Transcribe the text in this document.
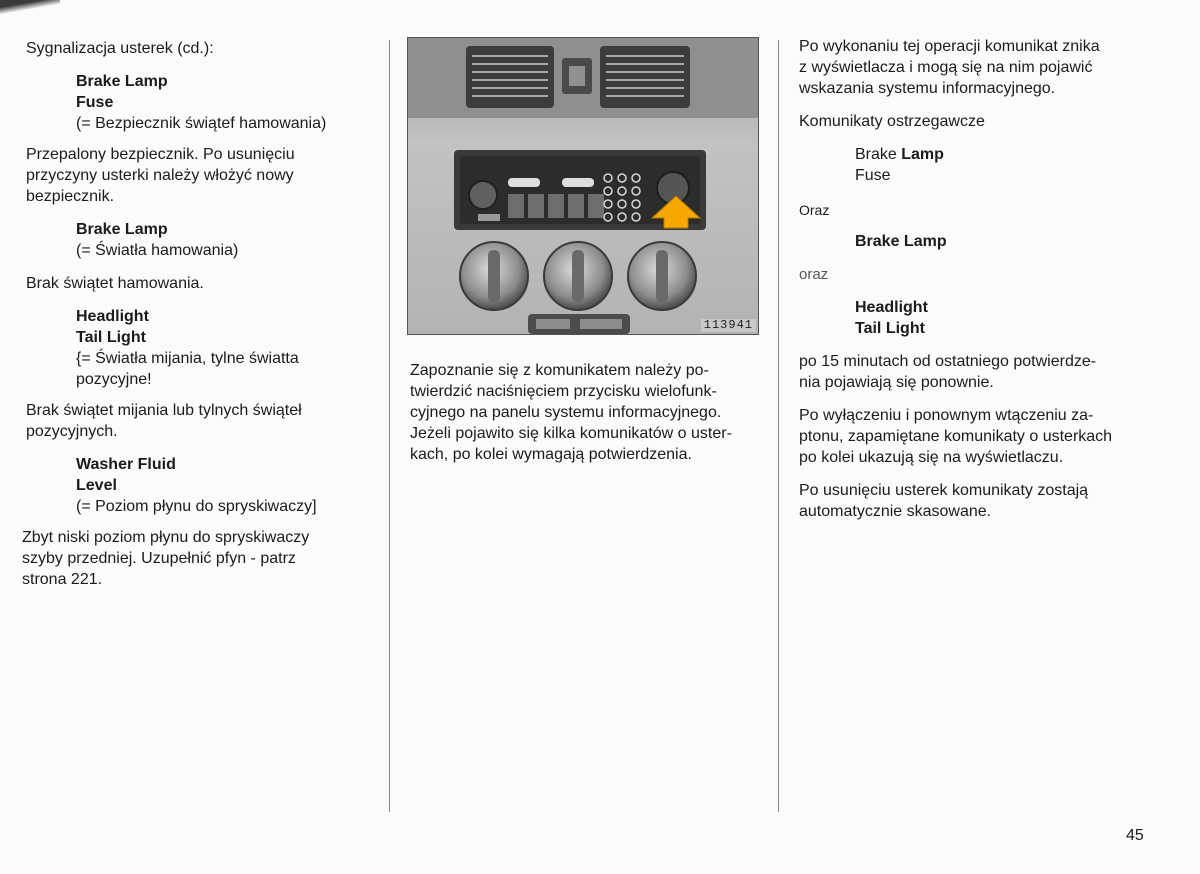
Sygnalizacja usterek (cd.):

Brake Lamp

Fuse

(= Bezpiecznik świątef hamowania)

Przepalony bezpiecznik. Po usunięciu

przyczyny usterki należy włożyć nowy

bezpiecznik.

Brake Lamp

(= Światła hamowania)

Brak świątet hamowania.

Headlight

Tail Light

{= Światła mijania, tylne światta

pozycyjne!

Brak świątet mijania lub tylnych świąteł

pozycyjnych.

Washer Fluid

Level

(= Poziom płynu do spryskiwaczy]

Zbyt niski poziom płynu do spryskiwaczy

szyby przedniej. Uzupełnić pfyn - patrz

strona 221.

113941

Zapoznanie się z komunikatem należy po-

twierdzić naciśnięciem przycisku wielofunk-

cyjnego na panelu systemu informacyjnego.

Jeżeli pojawito się kilka komunikatów o uster-

kach, po kolei wymagają potwierdzenia.

Po wykonaniu tej operacji komunikat znika

z wyświetlacza i mogą się na nim pojawić

wskazania systemu informacyjnego.

Komunikaty ostrzegawcze

Brake Lamp

Fuse

Oraz

Brake Lamp

oraz

Headlight

Tail Light

po 15 minutach od ostatniego potwierdze-

nia pojawiają się ponownie.

Po wyłączeniu i ponownym wtączeniu za-

ptonu, zapamiętane komunikaty o usterkach

po kolei ukazują się na wyświetlaczu.

Po usunięciu usterek komunikaty zostają

automatycznie skasowane.

45
